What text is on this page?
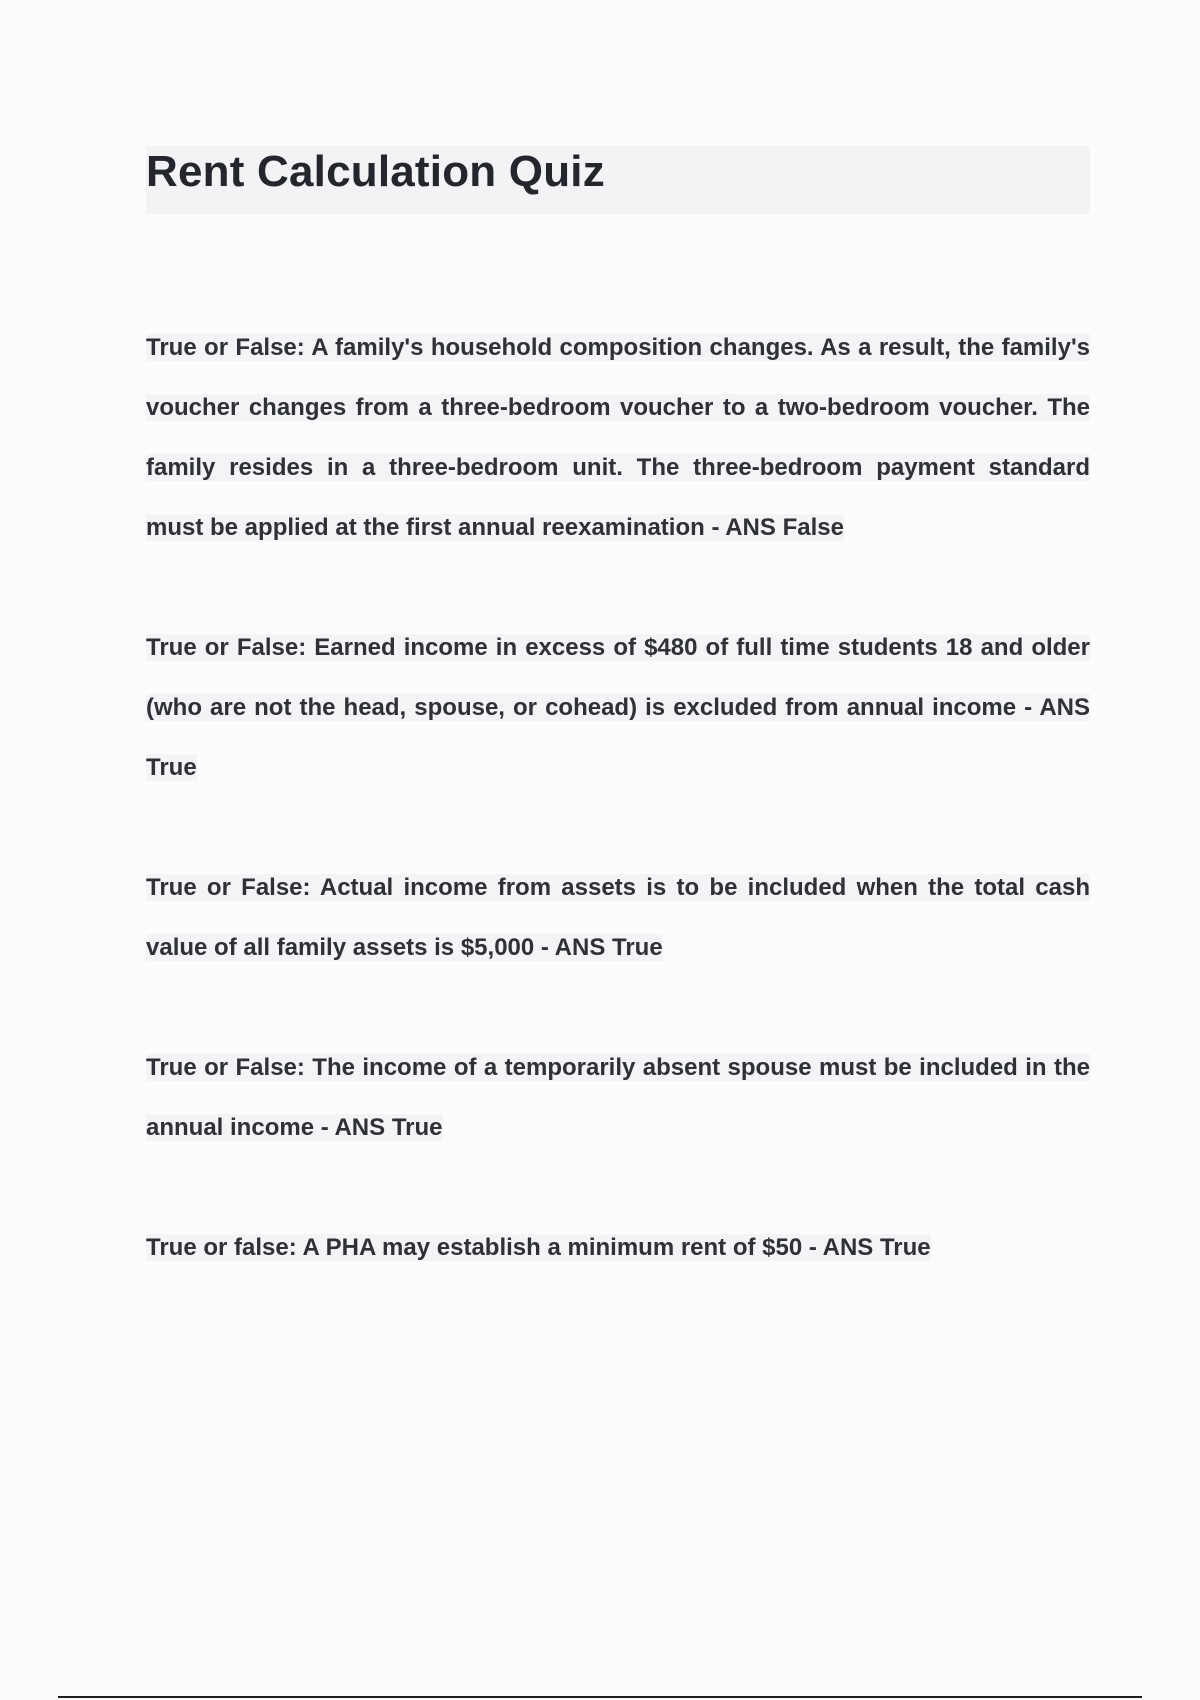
Rent Calculation Quiz

True or False: A family's household composition changes. As a result, the family's voucher changes from a three-bedroom voucher to a two-bedroom voucher. The family resides in a three-bedroom unit. The three-bedroom payment standard must be applied at the first annual reexamination - ANS False

True or False: Earned income in excess of $480 of full time students 18 and older (who are not the head, spouse, or cohead) is excluded from annual income - ANS True

True or False: Actual income from assets is to be included when the total cash value of all family assets is $5,000 - ANS True

True or False: The income of a temporarily absent spouse must be included in the annual income - ANS True

True or false: A PHA may establish a minimum rent of $50 - ANS True
